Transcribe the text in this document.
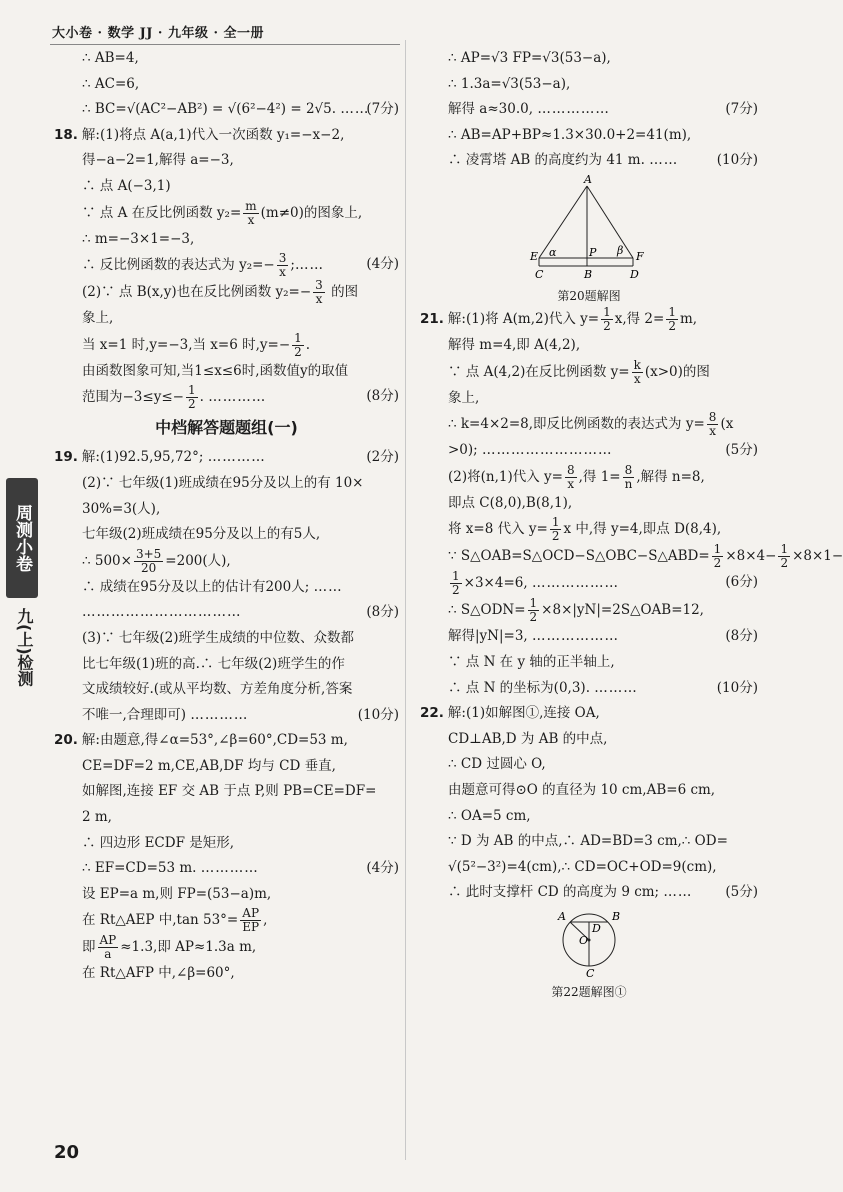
大小卷 · 数学 JJ · 九年级 · 全一册
周测小卷
九(上)检测
∴ AB=4,
∴ AC=6,
∴ BC=√(AC²−AB²) = √(6²−4²) = 2√5. ……
(7分)
18. 解:(1)将点 A(a,1)代入一次函数 y₁=−x−2,
得−a−2=1,解得 a=−3,
∴ 点 A(−3,1)
∵ 点 A 在反比例函数 $y_2= \frac{m}{x} (m\ne 0)$的图象上,
∴ m=−3×1=−3,
∴ 反比例函数的表达式为 $y_2=- \frac{3}{x}$ ;……	(4分)
(2)∵ 点 B(x,y)也在反比例函数 $y_2=- \frac{3}{x}$ 的图
象上,
当 x=1 时,y=−3,当 x=6 时$,y=- \frac{1}{2}$ .
由函数图象可知,当1≤x≤6时,函数值y的取值
范围为$-3\le y\le- \frac{1}{2}$ . …………	(8分)
中档解答题题组(一)
19. 解:(1)92.5,95,72°; …………	(2分)
(2)∵ 七年级(1)班成绩在95分及以上的有 10×
30%=3(人),
七年级(2)班成绩在95分及以上的有5人,
∴ $500\times \frac{3+5}{20} =200$(人),
∴ 成绩在95分及以上的估计有200人; ……
……………………………	(8分)
(3)∵ 七年级(2)班学生成绩的中位数、众数都
比七年级(1)班的高.∴ 七年级(2)班学生的作
文成绩较好.(或从平均数、方差角度分析,答案
不唯一,合理即可) …………	(10分)
20. 解:由题意,得∠α=53°,∠β=60°,CD=53 m,
CE=DF=2 m,CE,AB,DF 均与 CD 垂直,
如解图,连接 EF 交 AB 于点 P,则 PB=CE=DF=
2 m,
∴ 四边形 ECDF 是矩形,
∴ EF=CD=53 m. …………	(4分)
设 EP=a m,则 FP=(53−a)m,
在 Rt△AEP 中,tan $53^\circ= \frac{AP}{EP}$ ,
即 $\frac{AP}{a} \approx 1.3$,即 AP≈1.3a m,
在 Rt△AFP 中,∠β=60°,
∴ AP=√3 FP=√3(53−a),
∴ 1.3a=√3(53−a),
解得 a≈30.0, ……………	(7分)
∴ AB=AP+BP≈1.3×30.0+2=41(m),
∴ 凌霄塔 AB 的高度约为 41 m. ……	(10分)
A
E α	P β F
C	B	D
第20题解图
21. 解:(1)将 A(m,2)代入 $y= \frac{1}{2} x$,得 $2= \frac{1}{2} m$,
解得 m=4,即 A(4,2),
∵ 点 A(4,2)在反比例函数 $y= \frac{k}{x} (x>0)$的图
象上,
∴ k=4×2=8,即反比例函数的表达式为 $y= \frac{8}{x} (x$
>0); ………………………	(5分)
(2)将(n,1)代入 $y= \frac{8}{x}$ ,得 $1= \frac{8}{n}$ ,解得 n=8,
即点 C(8,0),B(8,1),
将 x=8 代入 $y= \frac{1}{2}$ x 中,得 y=4,即点 D(8,4),
∵ S△OAB=S△OCD−S△OBC−S△ABD= $\frac{1}{2} \times 8\times 4- \frac{1}{2} \times 8\times 1-$
$\frac{1}{2} \times 3\times 4=6$, ………………	(6分)
∴ S△ODN= $\frac{1}{2}$ ×8×|yN|=2S△OAB=12,
解得|yN|=3, ………………	(8分)
∵ 点 N 在 y 轴的正半轴上,
∴ 点 N 的坐标为(0,3). ………	(10分)
22. 解:(1)如解图①,连接 OA,
CD⊥AB,D 为 AB 的中点,
∴ CD 过圆心 O,
由题意可得⊙O 的直径为 10 cm,AB=6 cm,
∴ OA=5 cm,
∵ D 为 AB 的中点,∴ AD=BD=3 cm,∴ OD=
√(5²−3²)=4(cm),∴ CD=OC+OD=9(cm),
∴ 此时支撑杆 CD 的高度为 9 cm; …… (5分)
A	B
D
O
C
第22题解图①
20
